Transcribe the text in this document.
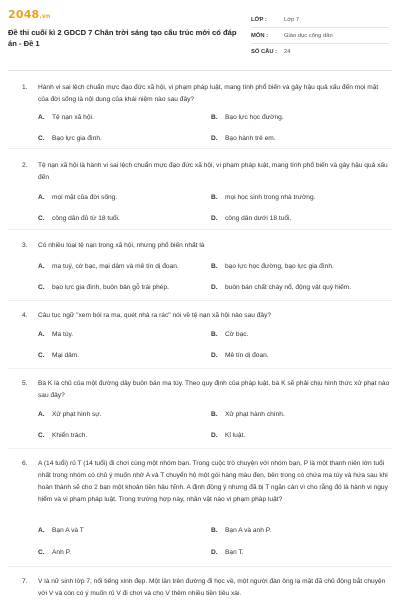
2048.vn
Đề thi cuối kì 2 GDCD 7 Chân trời sáng tạo cấu trúc mới có đáp án - Đề 1
LỚP :	Lớp 7
MÔN :	Giáo dục công dân
SỐ CÂU :	24
1. Hành vi sai lệch chuẩn mực đạo đức xã hội, vi phạm pháp luật, mang tính phổ biến và gây hậu quả xấu đến mọi mặt của đời sống là nội dung của khái niệm nào sau đây?
A. Tệ nạn xã hội.	B. Bạo lực học đường.
C. Bạo lực gia đình.	D. Bạo hành trẻ em.
2. Tệ nạn xã hội là hành vi sai lệch chuẩn mực đạo đức xã hội, vi phạm pháp luật, mang tính phổ biến và gây hậu quả xấu đến
A. mọi mặt của đời sống.	B. mọi học sinh trong nhà trường.
C. công dân đủ từ 18 tuổi.	D. công dân dưới 18 tuổi.
3. Có nhiều loại tệ nạn trong xã hội, nhưng phổ biến nhất là
A. ma tuý, cờ bạc, mại dâm và mê tín dị đoan.	B. bạo lực học đường, bạo lực gia đình.
C. bạo lực gia đình, buôn bán gỗ trái phép.	D. buôn bán chất cháy nổ, động vật quý hiếm.
4. Câu tục ngữ "xem bói ra ma, quét nhà ra rác" nói về tệ nạn xã hội nào sau đây?
A. Ma túy.	B. Cờ bạc.
C. Mại dâm.	D. Mê tín dị đoan.
5. Bà K là chủ của một đường dây buôn bán ma túy. Theo quy định của pháp luật, bà K sẽ phải chịu hình thức xử phạt nào sau đây?
A. Xử phạt hình sự.	B. Xử phạt hành chính.
C. Khiển trách.	D. Kỉ luật.
6. A (14 tuổi) rủ T (14 tuổi) đi chơi cùng một nhóm bạn. Trong cuộc trò chuyện với nhóm bạn, P là một thanh niên lớn tuổi nhất trong nhóm có chủ ý muốn nhờ A và T chuyển hộ một gói hàng màu đen, bên trong có chứa ma túy và hứa sau khi hoàn thành sẽ cho 2 bạn một khoản tiền hậu hĩnh. A định đồng ý nhưng đã bị T ngăn cản vì cho rằng đó là hành vi nguy hiểm và vi phạm pháp luật. Trong trường hợp này, nhân vật nào vi phạm pháp luật?
A. Bạn A và T	B. Bạn A và anh P.
C. Anh P.	D. Bạn T.
7. V là nữ sinh lớp 7, nổi tiếng xinh đẹp. Một lần trên đường đi học về, một người đàn ông lạ mặt đã chủ động bắt chuyện với V và còn có ý muốn rủ V đi chơi và cho V thêm nhiều tiền tiêu xài.
